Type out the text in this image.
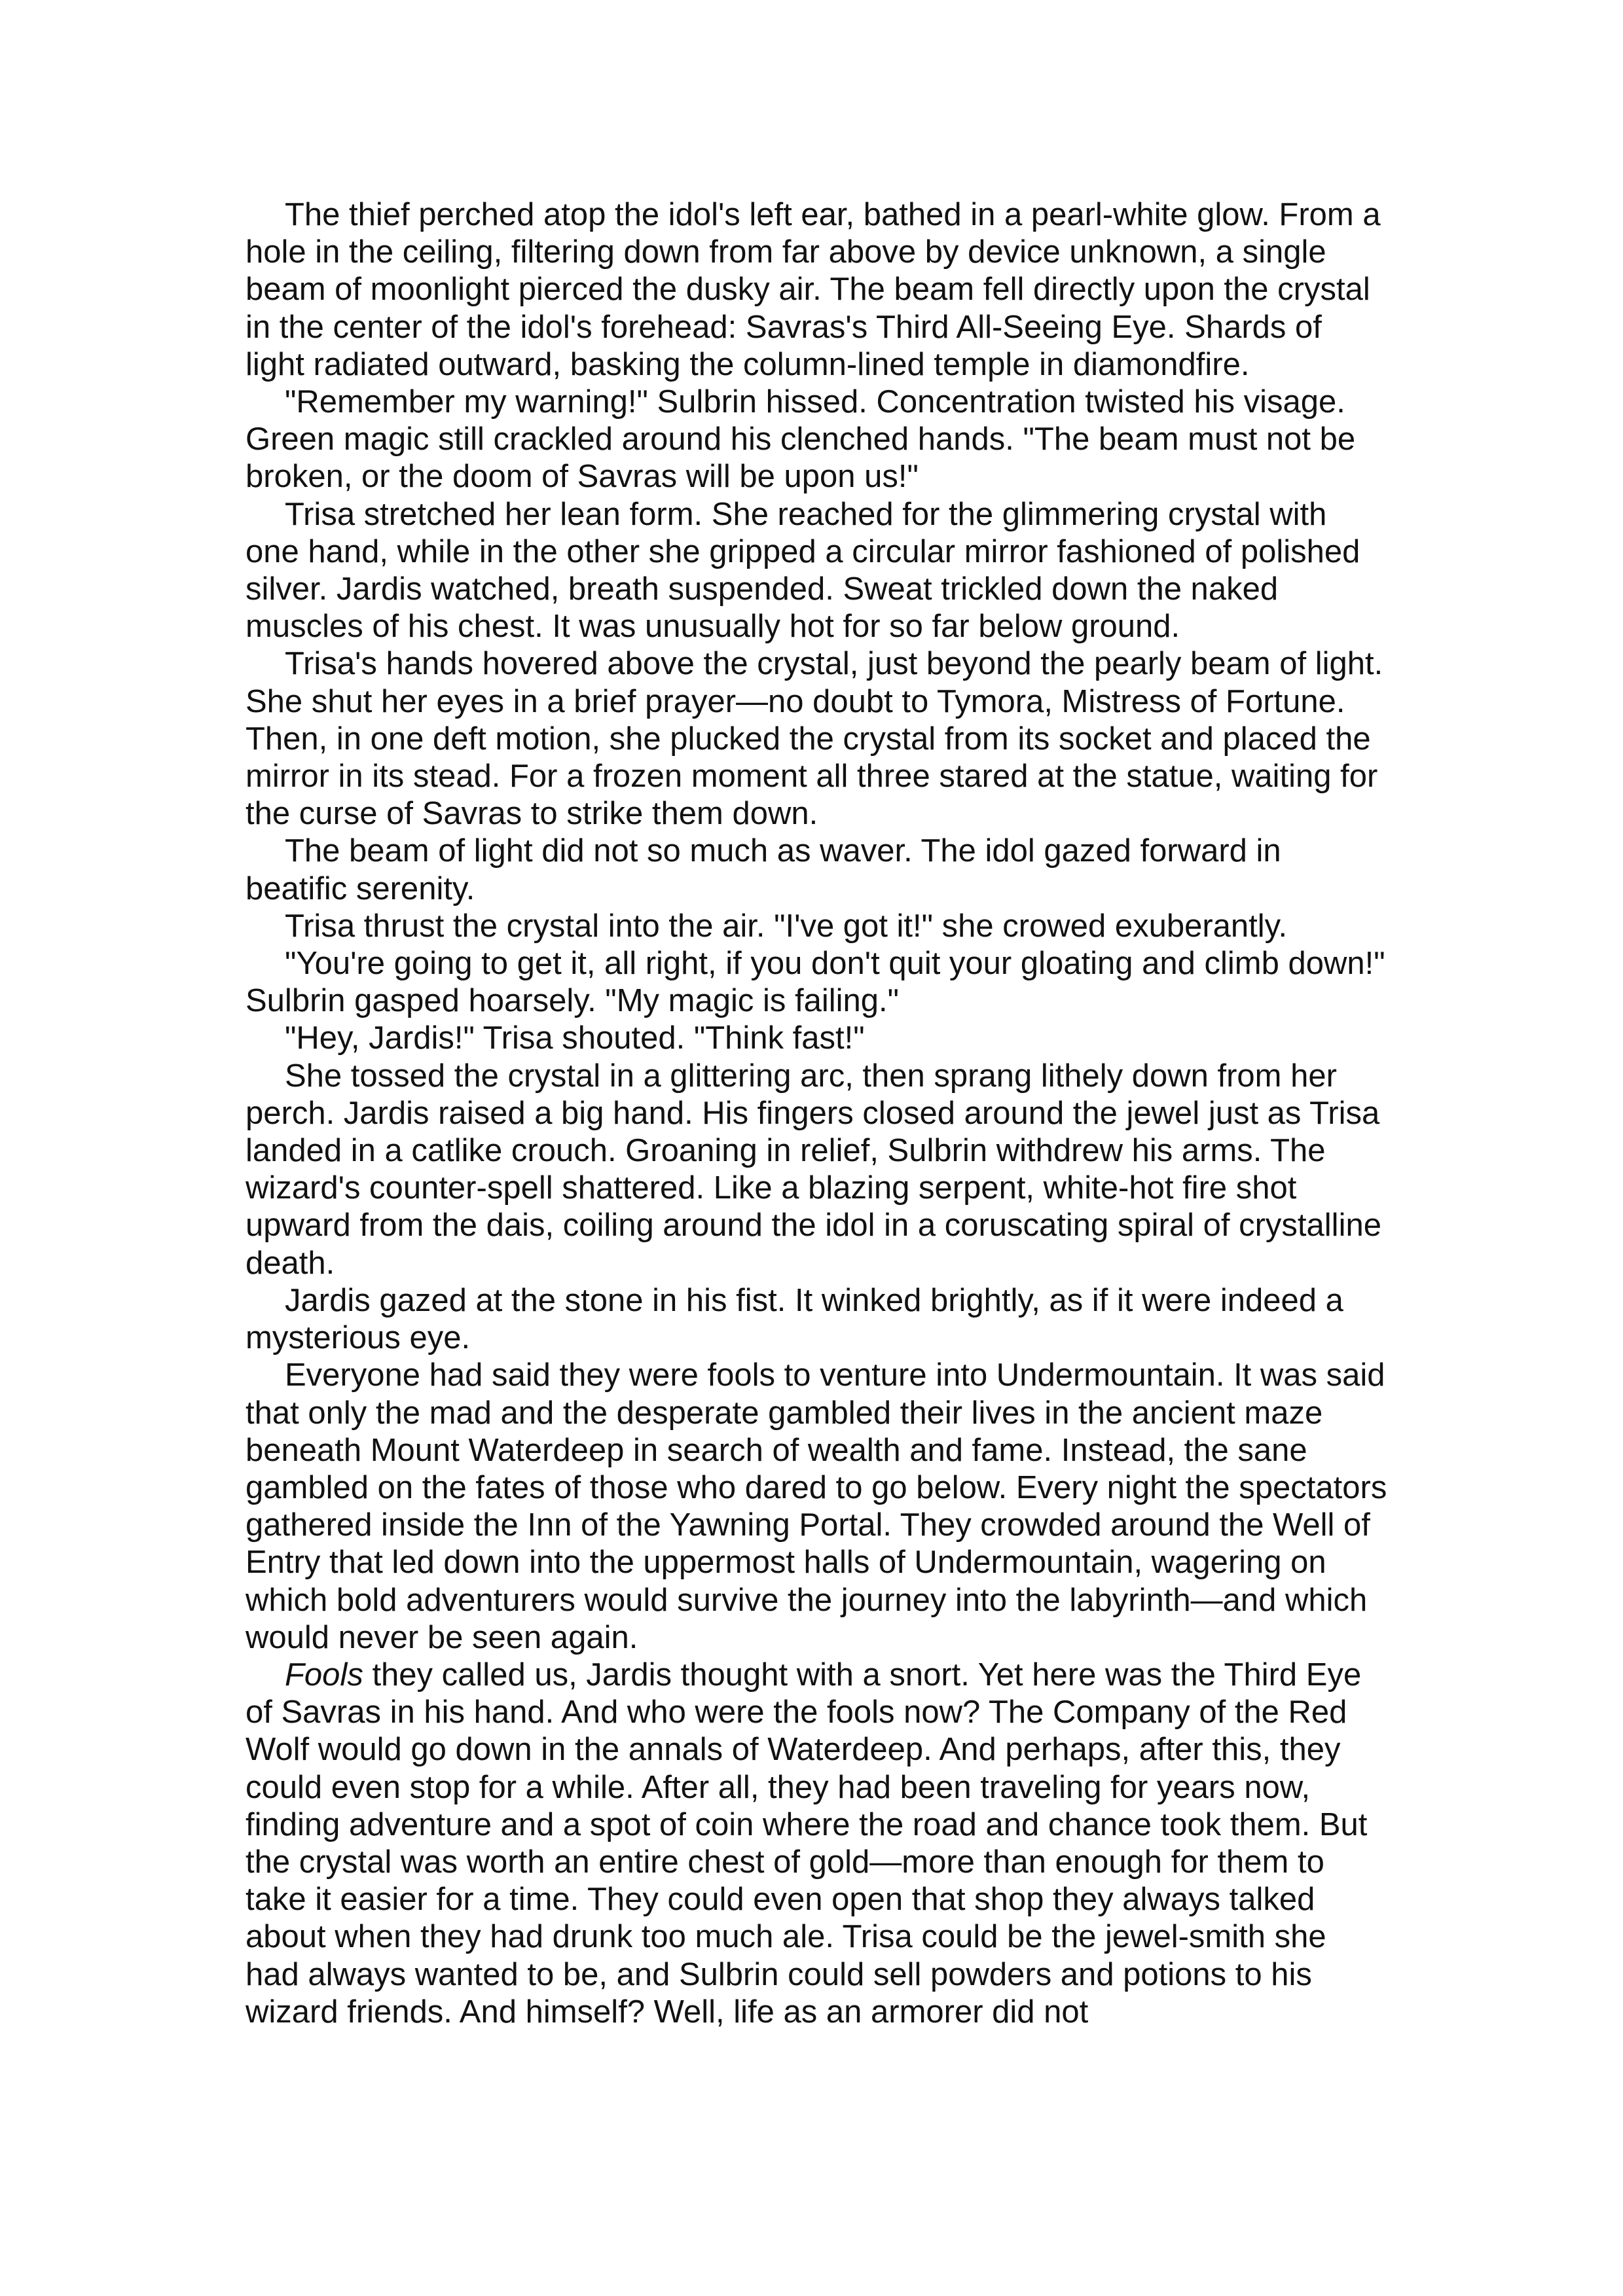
The thief perched atop the idol's left ear, bathed in a pearl-white glow. From a hole in the ceiling, filtering down from far above by device unknown, a single beam of moonlight pierced the dusky air. The beam fell directly upon the crystal in the center of the idol's forehead: Savras's Third All-Seeing Eye. Shards of light radiated outward, basking the column-lined temple in diamondfire.

"Remember my warning!" Sulbrin hissed. Concentration twisted his visage. Green magic still crackled around his clenched hands. "The beam must not be broken, or the doom of Savras will be upon us!"

Trisa stretched her lean form. She reached for the glimmering crystal with one hand, while in the other she gripped a circular mirror fashioned of polished silver. Jardis watched, breath suspended. Sweat trickled down the naked muscles of his chest. It was unusually hot for so far below ground.

Trisa's hands hovered above the crystal, just beyond the pearly beam of light. She shut her eyes in a brief prayer—no doubt to Tymora, Mistress of Fortune. Then, in one deft motion, she plucked the crystal from its socket and placed the mirror in its stead. For a frozen moment all three stared at the statue, waiting for the curse of Savras to strike them down.

The beam of light did not so much as waver. The idol gazed forward in beatific serenity.

Trisa thrust the crystal into the air. "I've got it!" she crowed exuberantly.

"You're going to get it, all right, if you don't quit your gloating and climb down!" Sulbrin gasped hoarsely. "My magic is failing."

"Hey, Jardis!" Trisa shouted. "Think fast!"

She tossed the crystal in a glittering arc, then sprang lithely down from her perch. Jardis raised a big hand. His fingers closed around the jewel just as Trisa landed in a catlike crouch. Groaning in relief, Sulbrin withdrew his arms. The wizard's counter-spell shattered. Like a blazing serpent, white-hot fire shot upward from the dais, coiling around the idol in a coruscating spiral of crystalline death.

Jardis gazed at the stone in his fist. It winked brightly, as if it were indeed a mysterious eye.

Everyone had said they were fools to venture into Undermountain. It was said that only the mad and the desperate gambled their lives in the ancient maze beneath Mount Waterdeep in search of wealth and fame. Instead, the sane gambled on the fates of those who dared to go below. Every night the spectators gathered inside the Inn of the Yawning Portal. They crowded around the Well of Entry that led down into the uppermost halls of Undermountain, wagering on which bold adventurers would survive the journey into the labyrinth—and which would never be seen again.

Fools they called us, Jardis thought with a snort. Yet here was the Third Eye of Savras in his hand. And who were the fools now? The Company of the Red Wolf would go down in the annals of Waterdeep. And perhaps, after this, they could even stop for a while. After all, they had been traveling for years now, finding adventure and a spot of coin where the road and chance took them. But the crystal was worth an entire chest of gold—more than enough for them to take it easier for a time. They could even open that shop they always talked about when they had drunk too much ale. Trisa could be the jewel-smith she had always wanted to be, and Sulbrin could sell powders and potions to his wizard friends. And himself? Well, life as an armorer did not
